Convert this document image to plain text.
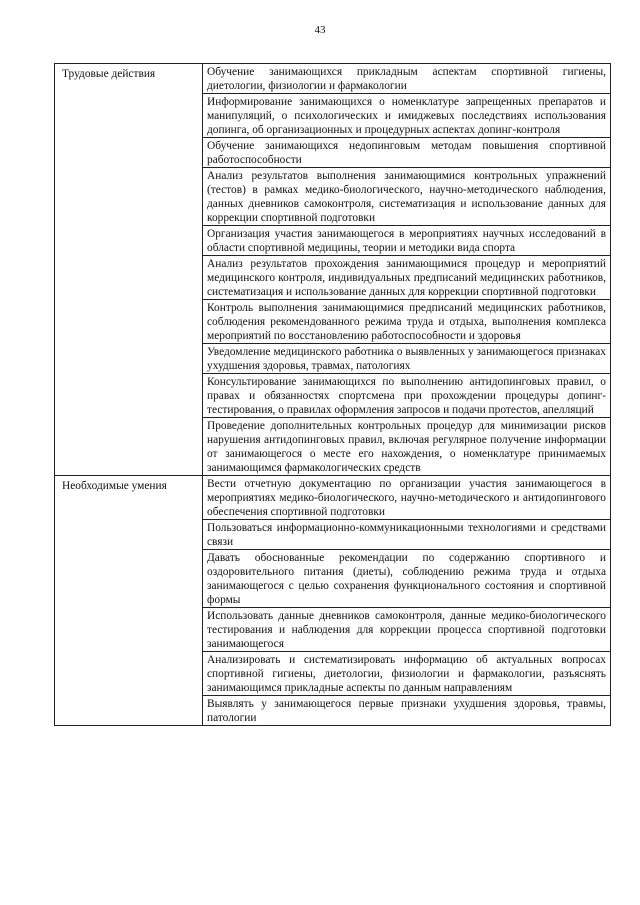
43
Трудовые действия	Обучение занимающихся прикладным аспектам спортивной гигиены, диетологии, физиологии и фармакологии
	Информирование занимающихся о номенклатуре запрещенных препаратов и манипуляций, о психологических и имиджевых последствиях использования допинга, об организационных и процедурных аспектах допинг-контроля
	Обучение занимающихся недопинговым методам повышения спортивной работоспособности
	Анализ результатов выполнения занимающимися контрольных упражнений (тестов) в рамках медико-биологического, научно-методического наблюдения, данных дневников самоконтроля, систематизация и использование данных для коррекции спортивной подготовки
	Организация участия занимающегося в мероприятиях научных исследований в области спортивной медицины, теории и методики вида спорта
	Анализ результатов прохождения занимающимися процедур и мероприятий медицинского контроля, индивидуальных предписаний медицинских работников, систематизация и использование данных для коррекции спортивной подготовки
	Контроль выполнения занимающимися предписаний медицинских работников, соблюдения рекомендованного режима труда и отдыха, выполнения комплекса мероприятий по восстановлению работоспособности и здоровья
	Уведомление медицинского работника о выявленных у занимающегося признаках ухудшения здоровья, травмах, патологиях
	Консультирование занимающихся по выполнению антидопинговых правил, о правах и обязанностях спортсмена при прохождении процедуры допинг-тестирования, о правилах оформления запросов и подачи протестов, апелляций
	Проведение дополнительных контрольных процедур для минимизации рисков нарушения антидопинговых правил, включая регулярное получение информации от занимающегося о месте его нахождения, о номенклатуре принимаемых занимающимся фармакологических средств
Необходимые умения	Вести отчетную документацию по организации участия занимающегося в мероприятиях медико-биологического, научно-методического и антидопингового обеспечения спортивной подготовки
	Пользоваться информационно-коммуникационными технологиями и средствами связи
	Давать обоснованные рекомендации по содержанию спортивного и оздоровительного питания (диеты), соблюдению режима труда и отдыха занимающегося с целью сохранения функционального состояния и спортивной формы
	Использовать данные дневников самоконтроля, данные медико-биологического тестирования и наблюдения для коррекции процесса спортивной подготовки занимающегося
	Анализировать и систематизировать информацию об актуальных вопросах спортивной гигиены, диетологии, физиологии и фармакологии, разъяснять занимающимся прикладные аспекты по данным направлениям
	Выявлять у занимающегося первые признаки ухудшения здоровья, травмы, патологии
